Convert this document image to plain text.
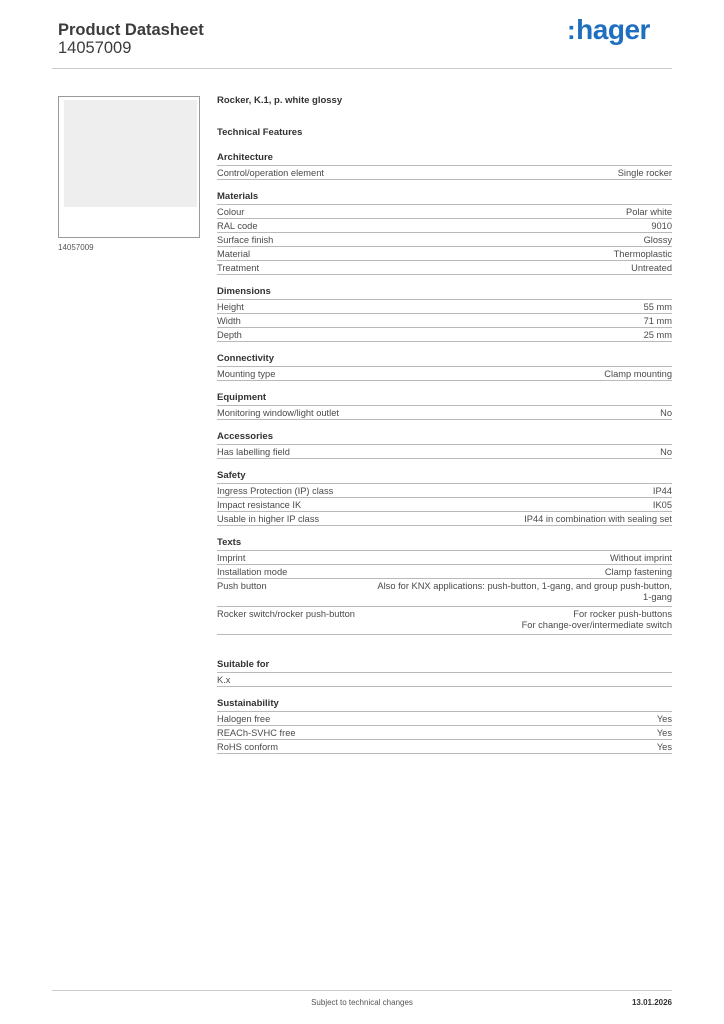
Product Datasheet
14057009
:hager
14057009
Rocker, K.1, p. white glossy
Technical Features
Architecture
Control/operation element	Single rocker
Materials
Colour	Polar white
RAL code	9010
Surface finish	Glossy
Material	Thermoplastic
Treatment	Untreated
Dimensions
Height	55 mm
Width	71 mm
Depth	25 mm
Connectivity
Mounting type	Clamp mounting
Equipment
Monitoring window/light outlet	No
Accessories
Has labelling field	No
Safety
Ingress Protection (IP) class	IP44
Impact resistance IK	IK05
Usable in higher IP class	IP44 in combination with sealing set
Texts
Imprint	Without imprint
Installation mode	Clamp fastening
Push button	Also for KNX applications: push-button, 1-gang, and group push-button,
1-gang
Rocker switch/rocker push-button	For rocker push-buttons
For change-over/intermediate switch
Suitable for
K.x
Sustainability
Halogen free	Yes
REACh-SVHC free	Yes
RoHS conform	Yes
Subject to technical changes	13.01.2026
